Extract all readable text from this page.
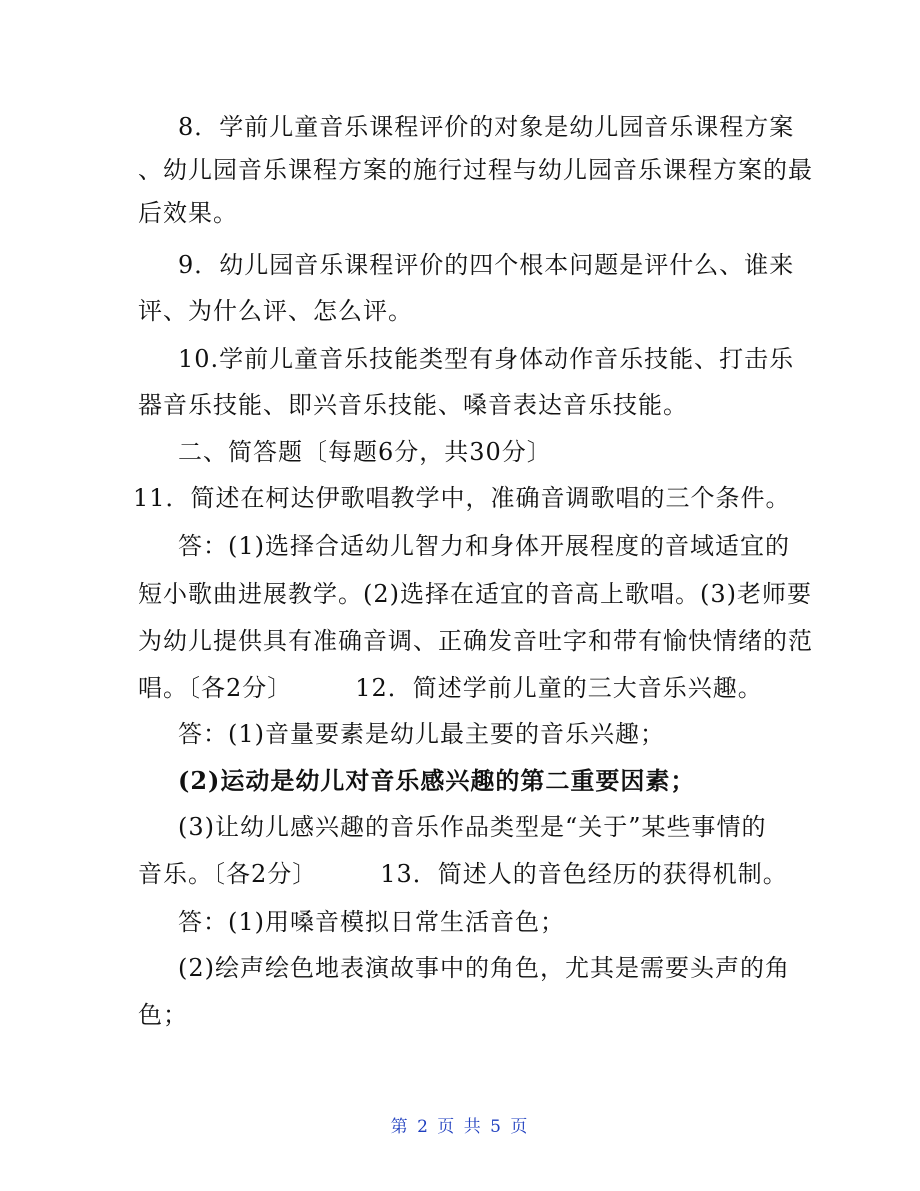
8．学前儿童音乐课程评价的对象是幼儿园音乐课程方案
、幼儿园音乐课程方案的施行过程与幼儿园音乐课程方案的最
后效果。
9．幼儿园音乐课程评价的四个根本问题是评什么、谁来
评、为什么评、怎么评。
10.学前儿童音乐技能类型有身体动作音乐技能、打击乐
器音乐技能、即兴音乐技能、嗓音表达音乐技能。
二、简答题〔每题6分，共30分〕
11．简述在柯达伊歌唱教学中，准确音调歌唱的三个条件。
答：(1)选择合适幼儿智力和身体开展程度的音域适宜的
短小歌曲进展教学。(2)选择在适宜的音高上歌唱。(3)老师要
为幼儿提供具有准确音调、正确发音吐字和带有愉快情绪的范
唱。〔各2分〕　　　12．简述学前儿童的三大音乐兴趣。
答：(1)音量要素是幼儿最主要的音乐兴趣；
(2)运动是幼儿对音乐感兴趣的第二重要因素；
(3)让幼儿感兴趣的音乐作品类型是“关于”某些事情的
音乐。〔各2分〕　　　13．简述人的音色经历的获得机制。
答：(1)用嗓音模拟日常生活音色；
(2)绘声绘色地表演故事中的角色，尤其是需要头声的角
色；
第 2 页 共 5 页
